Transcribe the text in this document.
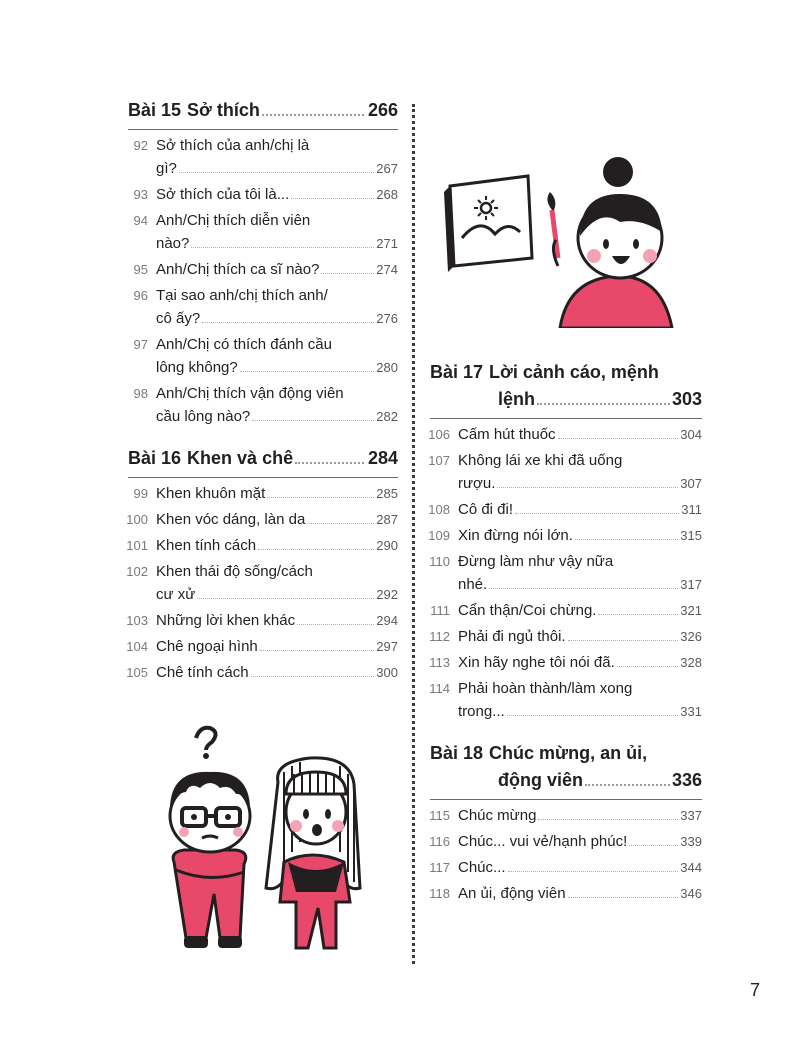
Bài 15 Sở thích	266
92 Sở thích của anh/chị là
gì?	267
93 Sở thích của tôi là...	268
94 Anh/Chị thích diễn viên
nào?	271
95 Anh/Chị thích ca sĩ nào?	274
96 Tại sao anh/chị thích anh/
cô ấy?	276
97 Anh/Chị có thích đánh cầu
lông không?	280
98 Anh/Chị thích vận động viên
cầu lông nào?	282
Bài 16 Khen và chê	284
99 Khen khuôn mặt	285
100 Khen vóc dáng, làn da	287
101 Khen tính cách	290
102 Khen thái độ sống/cách
cư xử	292
103 Những lời khen khác	294
104 Chê ngoại hình	297
105 Chê tính cách	300
Bài 17 Lời cảnh cáo, mệnh
lệnh	303
106 Cấm hút thuốc	304
107 Không lái xe khi đã uống
rượu.	307
108 Cô đi đi!	311
109 Xin đừng nói lớn.	315
110 Đừng làm như vậy nữa
nhé.	317
111 Cẩn thận/Coi chừng.	321
112 Phải đi ngủ thôi.	326
113 Xin hãy nghe tôi nói đã.	328
114 Phải hoàn thành/làm xong
trong...	331
Bài 18 Chúc mừng, an ủi,
động viên	336
115 Chúc mừng	337
116 Chúc... vui vẻ/hạnh phúc!	339
117 Chúc...	344
118 An ủi, động viên	346
7
